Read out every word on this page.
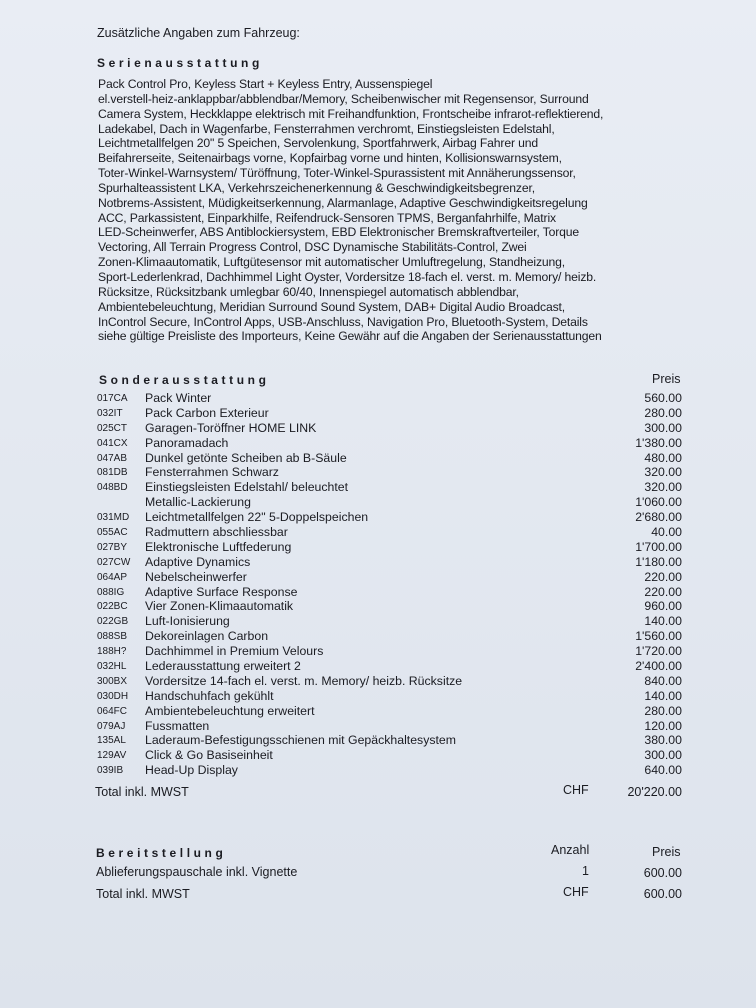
Zusätzliche Angaben zum Fahrzeug:
Serienausstattung
Pack Control Pro, Keyless Start + Keyless Entry, Aussenspiegel
el.verstell-heiz-anklappbar/abblendbar/Memory, Scheibenwischer mit Regensensor, Surround
Camera System, Heckklappe elektrisch mit Freihandfunktion, Frontscheibe infrarot-reflektierend,
Ladekabel, Dach in Wagenfarbe, Fensterrahmen verchromt, Einstiegsleisten Edelstahl,
Leichtmetallfelgen 20" 5 Speichen, Servolenkung, Sportfahrwerk, Airbag Fahrer und
Beifahrerseite, Seitenairbags vorne, Kopfairbag vorne und hinten, Kollisionswarnsystem,
Toter-Winkel-Warnsystem/ Türöffnung, Toter-Winkel-Spurassistent mit Annäherungssensor,
Spurhalteassistent LKA, Verkehrszeichenerkennung & Geschwindigkeitsbegrenzer,
Notbrems-Assistent, Müdigkeitserkennung, Alarmanlage, Adaptive Geschwindigkeitsregelung
ACC, Parkassistent, Einparkhilfe, Reifendruck-Sensoren TPMS, Berganfahrhilfe, Matrix
LED-Scheinwerfer, ABS Antiblockiersystem, EBD Elektronischer Bremskraftverteiler, Torque
Vectoring, All Terrain Progress Control, DSC Dynamische Stabilitäts-Control, Zwei
Zonen-Klimaautomatik, Luftgütesensor mit automatischer Umluftregelung, Standheizung,
Sport-Lederlenkrad, Dachhimmel Light Oyster, Vordersitze 18-fach el. verst. m. Memory/ heizb.
Rücksitze, Rücksitzbank umlegbar 60/40, Innenspiegel automatisch abblendbar,
Ambientebeleuchtung, Meridian Surround Sound System, DAB+ Digital Audio Broadcast,
InControl Secure, InControl Apps, USB-Anschluss, Navigation Pro, Bluetooth-System, Details
siehe gültige Preisliste des Importeurs, Keine Gewähr auf die Angaben der Serienausstattungen
Sonderausstattung	Preis
017CA Pack Winter	560.00
032IT Pack Carbon Exterieur	280.00
025CT Garagen-Toröffner HOME LINK	300.00
041CX Panoramadach	1'380.00
047AB Dunkel getönte Scheiben ab B-Säule	480.00
081DB Fensterrahmen Schwarz	320.00
048BD Einstiegsleisten Edelstahl/ beleuchtet	320.00
Metallic-Lackierung	1'060.00
031MD Leichtmetallfelgen 22" 5-Doppelspeichen	2'680.00
055AC Radmuttern abschliessbar	40.00
027BY Elektronische Luftfederung	1'700.00
027CW Adaptive Dynamics	1'180.00
064AP Nebelscheinwerfer	220.00
088IG Adaptive Surface Response	220.00
022BC Vier Zonen-Klimaautomatik	960.00
022GB Luft-Ionisierung	140.00
088SB Dekoreinlagen Carbon	1'560.00
188H? Dachhimmel in Premium Velours	1'720.00
032HL Lederausstattung erweitert 2	2'400.00
300BX Vordersitze 14-fach el. verst. m. Memory/ heizb. Rücksitze	840.00
030DH Handschuhfach gekühlt	140.00
064FC Ambientebeleuchtung erweitert	280.00
079AJ Fussmatten	120.00
135AL Laderaum-Befestigungsschienen mit Gepäckhaltesystem	380.00
129AV Click & Go Basiseinheit	300.00
039IB Head-Up Display	640.00
Total inkl. MWST	CHF	20'220.00
Bereitstellung	Anzahl	Preis
Ablieferungspauschale inkl. Vignette	1	600.00
Total inkl. MWST	CHF	600.00
